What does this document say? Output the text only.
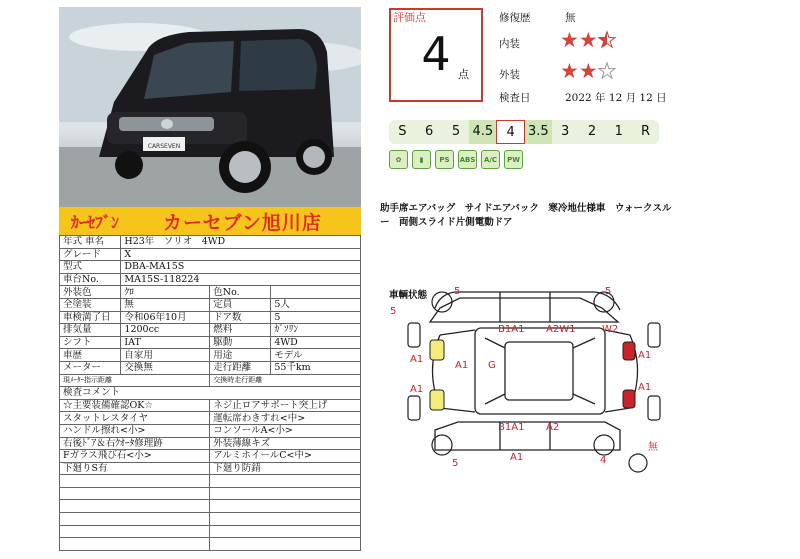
CARSEVEN
ｶｰｾﾌﾞﾝ	カーセブン旭川店
年式 車名	H23年　ソリオ　4WD		
グレード	X		
型式	DBA-MA15S		
車台No.	MA15S-118224		
外装色	ｸﾛ	色No.	
全塗装	無	定員	5人
車検満了日	令和06年10月	ドア数	5
排気量	1200cc	燃料	ｶﾞｿﾘﾝ
シフト	IAT	駆動	4WD
車歴	自家用	用途	モデル
メーター	交換無	走行距離	55千km
現ﾒｰﾀｰ指示距離		交換時走行距離	
検査コメント			
☆主要装備確認OK☆		ネジ止ロアサポート突上げ	
スタットレスタイヤ		運転席わきすれ<中>	
ハンドル擦れ<小>		コンソールA<小>	
右後ﾄﾞｱ＆右ｸｵｰﾀ修理跡		外装薄線キズ	
Fガラス飛び石<小>		アルミホイールC<中>	
下廻りS有		下廻り防錆	

評価点
4 点
修復歴	無
内装 ★★★
外装 ★★★
検査日	2022 年 12 月 12 日
S	6	5 4.5	4	3.5 3	2	1	R
✿	▮	PS	ABS	A/C	PW
助手席エアバッグ　サイドエアバック　寒冷地仕様車　ウォークスルー　両側スライド片側電動ドア
車輌状態	5	5
5
A1
A1 G
B1A1 A2W1	W2
A1	A1
A1
B1A1 A2
5
A1	4
無
